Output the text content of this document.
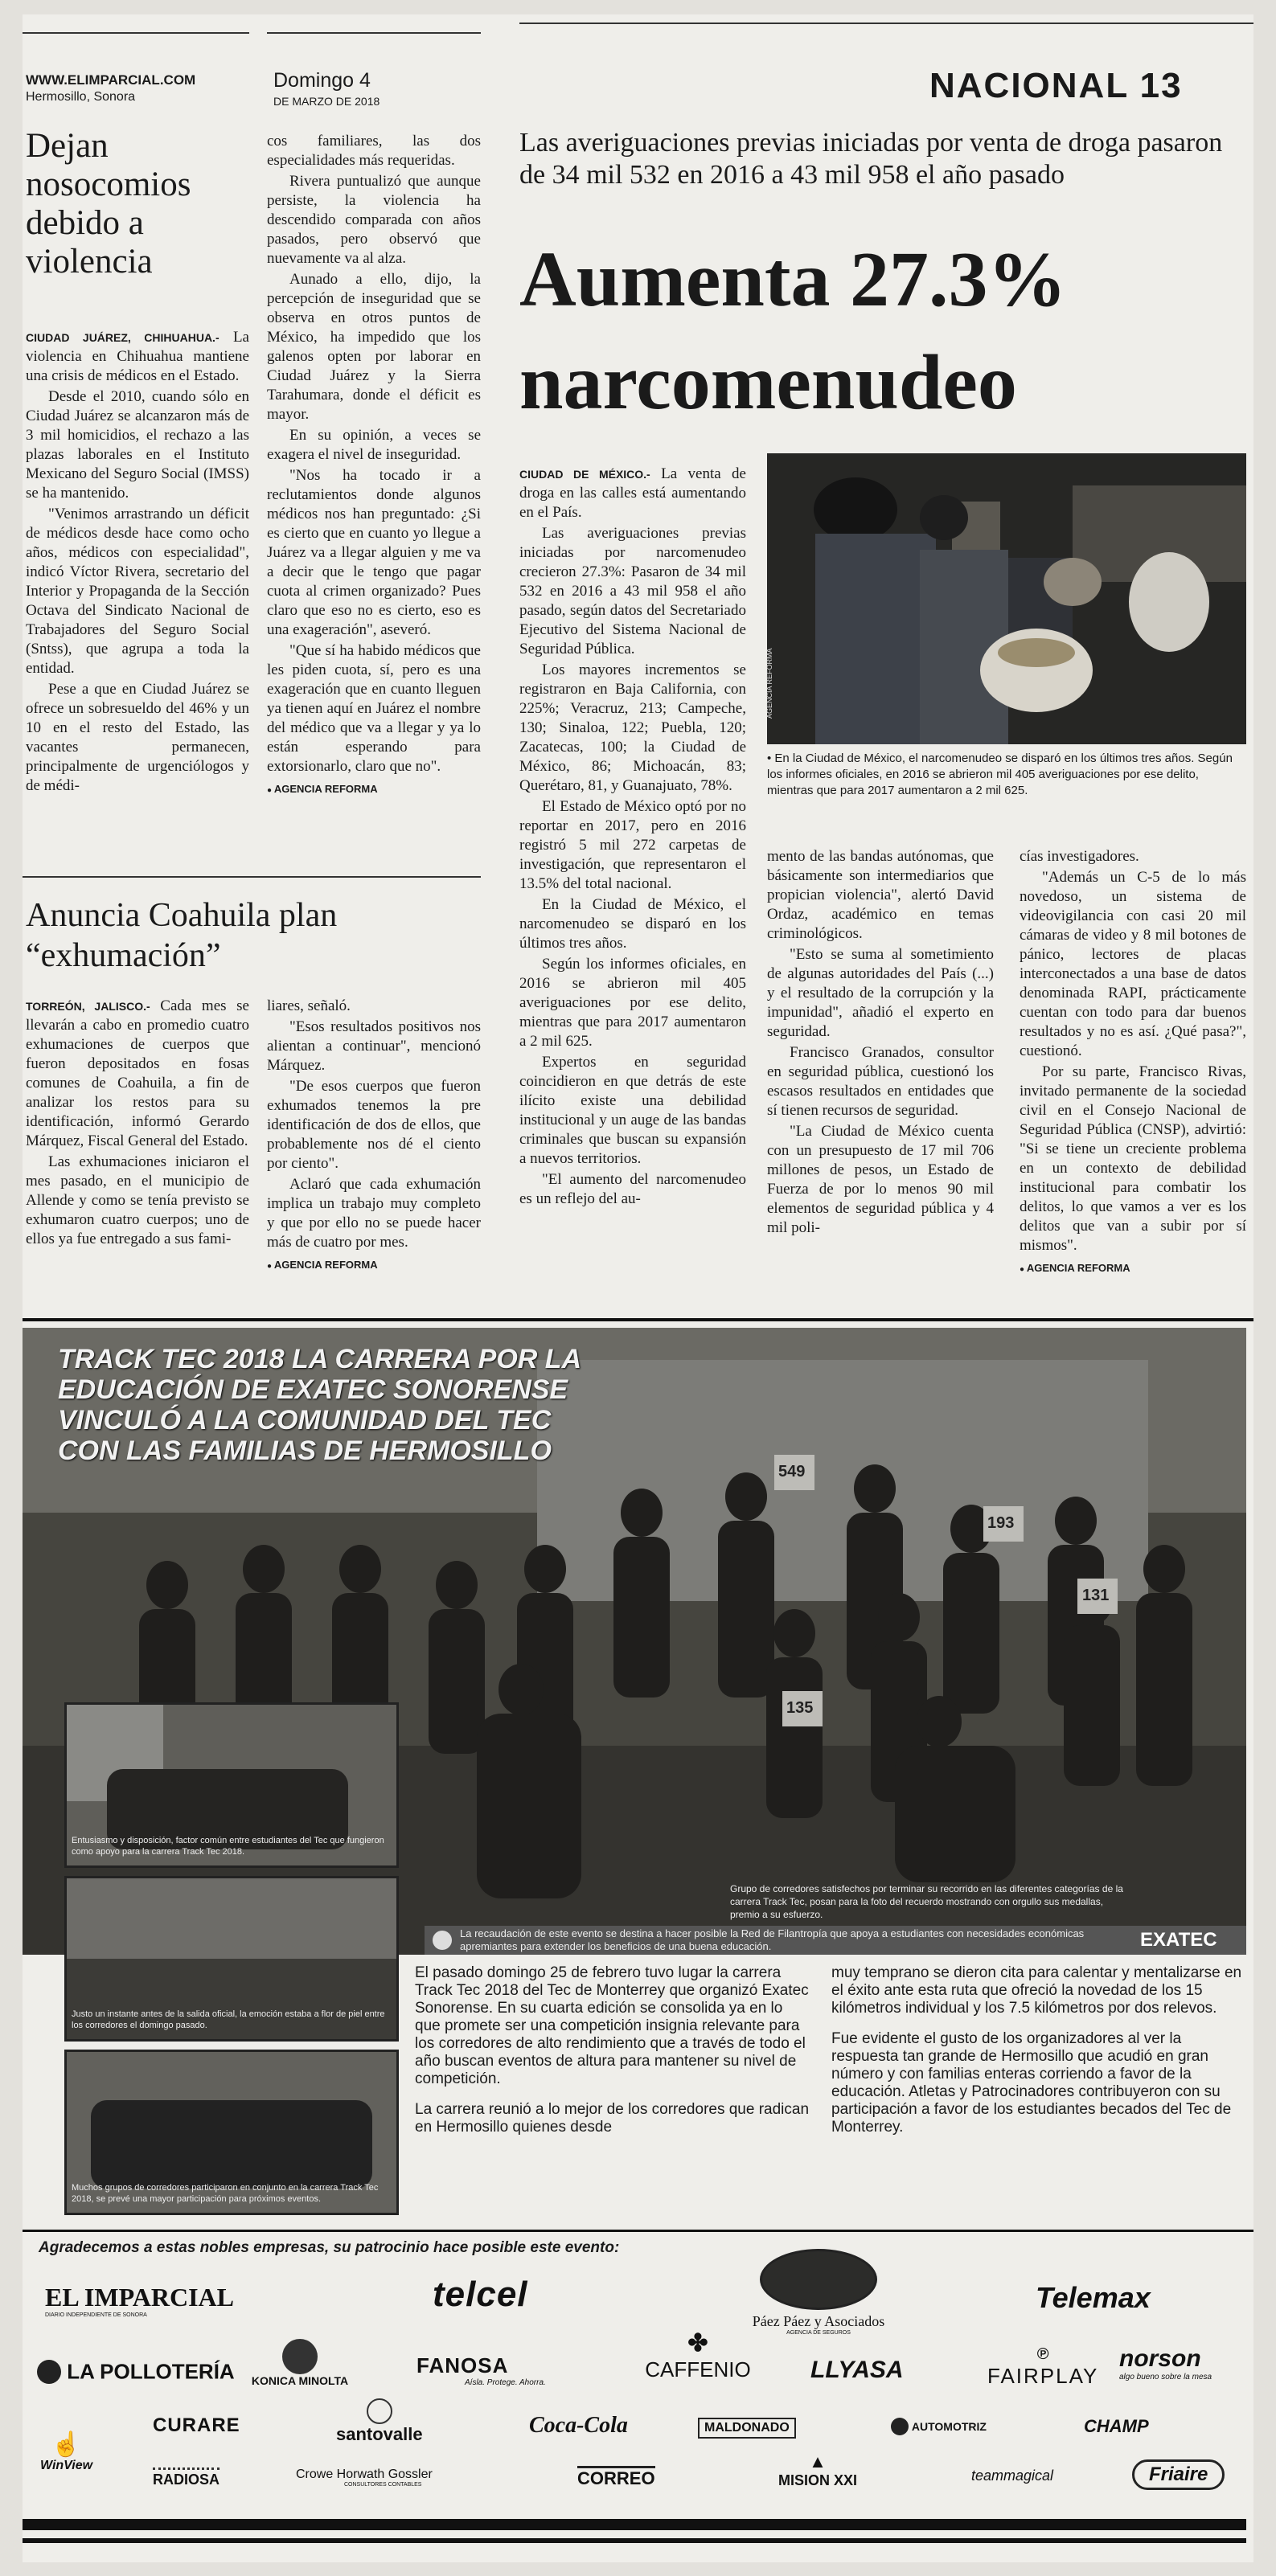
WWW.ELIMPARCIAL.COM
Hermosillo, Sonora
Domingo 4
DE MARZO DE 2018	NACIONAL 13
Dejan nosocomios debido a violencia

CIUDAD JUÁREZ, CHIHUAHUA.- La violencia en Chihuahua mantiene una crisis de médicos en el Estado.

Desde el 2010, cuando sólo en Ciudad Juárez se alcanzaron más de 3 mil homicidios, el rechazo a las plazas laborales en el Instituto Mexicano del Seguro Social (IMSS) se ha mantenido.

"Venimos arrastrando un déficit de médicos desde hace como ocho años, médicos con especialidad", indicó Víctor Rivera, secretario del Interior y Propaganda de la Sección Octava del Sindicato Nacional de Trabajadores del Seguro Social (Sntss), que agrupa a toda la entidad.

Pese a que en Ciudad Juárez se ofrece un sobresueldo del 46% y un 10 en el resto del Estado, las vacantes permanecen, principalmente de urgenciólogos y de médi-

cos familiares, las dos especialidades más requeridas.

Rivera puntualizó que aunque persiste, la violencia ha descendido comparada con años pasados, pero observó que nuevamente va al alza.

Aunado a ello, dijo, la percepción de inseguridad que se observa en otros puntos de México, ha impedido que los galenos opten por laborar en Ciudad Juárez y la Sierra Tarahumara, donde el déficit es mayor.

En su opinión, a veces se exagera el nivel de inseguridad.

"Nos ha tocado ir a reclutamientos donde algunos médicos nos han preguntado: ¿Si es cierto que en cuanto yo llegue a Juárez va a llegar alguien y me va a decir que le tengo que pagar cuota al crimen organizado? Pues claro que eso no es cierto, eso es una exageración", aseveró.

"Que sí ha habido médicos que les piden cuota, sí, pero es una exageración que en cuanto lleguen ya tienen aquí en Juárez el nombre del médico que va a llegar y ya lo están esperando para extorsionarlo, claro que no".

● AGENCIA REFORMA
Anuncia Coahuila plan “exhumación”

TORREÓN, JALISCO.- Cada mes se llevarán a cabo en promedio cuatro exhumaciones de cuerpos que fueron depositados en fosas comunes de Coahuila, a fin de analizar los restos para su identificación, informó Gerardo Márquez, Fiscal General del Estado.

Las exhumaciones iniciaron el mes pasado, en el municipio de Allende y como se tenía previsto se exhumaron cuatro cuerpos; uno de ellos ya fue entregado a sus fami-

liares, señaló.

"Esos resultados positivos nos alientan a continuar", mencionó Márquez.

"De esos cuerpos que fueron exhumados tenemos la pre identificación de dos de ellos, que probablemente nos dé el ciento por ciento".

Aclaró que cada exhumación implica un trabajo muy completo y que por ello no se puede hacer más de cuatro por mes.

● AGENCIA REFORMA
Las averiguaciones previas iniciadas por venta de droga pasaron de 34 mil 532 en 2016 a 43 mil 958 el año pasado
Aumenta 27.3%
narcomenudeo

CIUDAD DE MÉXICO.- La venta de droga en las calles está aumentando en el País.

Las averiguaciones previas iniciadas por narcomenudeo crecieron 27.3%: Pasaron de 34 mil 532 en 2016 a 43 mil 958 el año pasado, según datos del Secretariado Ejecutivo del Sistema Nacional de Seguridad Pública.

Los mayores incrementos se registraron en Baja California, con 225%; Veracruz, 213; Campeche, 130; Sinaloa, 122; Puebla, 120; Zacatecas, 100; la Ciudad de México, 86; Michoacán, 83; Querétaro, 81, y Guanajuato, 78%.

El Estado de México optó por no reportar en 2017, pero en 2016 registró 5 mil 272 carpetas de investigación, que representaron el 13.5% del total nacional.

En la Ciudad de México, el narcomenudeo se disparó en los últimos tres años.

Según los informes oficiales, en 2016 se abrieron mil 405 averiguaciones por ese delito, mientras que para 2017 aumentaron a 2 mil 625.

Expertos en seguridad coincidieron en que detrás de este ilícito existe una debilidad institucional y un auge de las bandas criminales que buscan su expansión a nuevos territorios.

"El aumento del narcomenudeo es un reflejo del au-

AGENCIA REFORMA
• En la Ciudad de México, el narcomenudeo se disparó en los últimos tres años. Según los informes oficiales, en 2016 se abrieron mil 405 averiguaciones por ese delito, mientras que para 2017 aumentaron a 2 mil 625.

mento de las bandas autónomas, que básicamente son intermediarios que propician violencia", alertó David Ordaz, académico en temas criminológicos.

"Esto se suma al sometimiento de algunas autoridades del País (...) y el resultado de la corrupción y la impunidad", añadió el experto en seguridad.

Francisco Granados, consultor en seguridad pública, cuestionó los escasos resultados en entidades que sí tienen recursos de seguridad.

"La Ciudad de México cuenta con un presupuesto de 17 mil 706 millones de pesos, un Estado de Fuerza de por lo menos 90 mil elementos de seguridad pública y 4 mil poli-

cías investigadores.

"Además un C-5 de lo más novedoso, un sistema de videovigilancia con casi 20 mil cámaras de video y 8 mil botones de pánico, lectores de placas interconectados a una base de datos denominada RAPI, prácticamente cuentan con todo para dar buenos resultados y no es así. ¿Qué pasa?", cuestionó.

Por su parte, Francisco Rivas, invitado permanente de la sociedad civil en el Consejo Nacional de Seguridad Pública (CNSP), advirtió: "Si se tiene un creciente problema en un contexto de debilidad institucional para combatir los delitos, lo que vamos a ver es los delitos que van a subir por sí mismos".

● AGENCIA REFORMA
549
193
131
135
TRACK TEC 2018 LA CARRERA POR LA EDUCACIÓN DE EXATEC SONORENSE VINCULÓ A LA COMUNIDAD DEL TEC CON LAS FAMILIAS DE HERMOSILLO
Grupo de corredores satisfechos por terminar su recorrido en las diferentes categorías de la carrera Track Tec, posan para la foto del recuerdo mostrando con orgullo sus medallas, premio a su esfuerzo.
La recaudación de este evento se destina a hacer posible la Red de Filantropía que apoya a estudiantes con necesidades económicas apremiantes para extender los beneficios de una buena educación.	EXATEC
Entusiasmo y disposición, factor común entre estudiantes del Tec que fungieron como apoyo para la carrera Track Tec 2018.
Justo un instante antes de la salida oficial, la emoción estaba a flor de piel entre los corredores el domingo pasado.
Muchos grupos de corredores participaron en conjunto en la carrera Track Tec 2018, se prevé una mayor participación para próximos eventos.

El pasado domingo 25 de febrero tuvo lugar la carrera Track Tec 2018 del Tec de Monterrey que organizó Exatec Sonorense. En su cuarta edición se consolida ya en lo que promete ser una competición insignia relevante para los corredores de alto rendimiento que a través de todo el año buscan eventos de altura para mantener su nivel de competición.

La carrera reunió a lo mejor de los corredores que radican en Hermosillo quienes desde

muy temprano se dieron cita para calentar y mentalizarse en el éxito ante esta ruta que ofreció la novedad de los 15 kilómetros individual y los 7.5 kilómetros por dos relevos.

Fue evidente el gusto de los organizadores al ver la respuesta tan grande de Hermosillo que acudió en gran número y con familias enteras corriendo a favor de la educación. Atletas y Patrocinadores contribuyeron con su participación a favor de los estudiantes becados del Tec de Monterrey.

Agradecemos a estas nobles empresas, su patrocinio hace posible este evento:
EL IMPARCIAL
DIARIO INDEPENDIENTE DE SONORA
telcel
Páez Páez y Asociados
AGENCIA DE SEGUROS
Telemax
LA POLLOTERÍA	KONICA MINOLTA
FANOSA
Aísla. Protege. Ahorra.
✤
CAFFENIO	LLYASA
℗
FAIRPLAY
norson
algo bueno sobre la mesa
CURARE	santovalle	Coca-Cola	MALDONADO	AUTOMOTRIZ	CHAMP
☝
WinView
RADIOSA	Crowe Horwath Gossler
CONSULTORES CONTABLES	CORREO
▲
MISION XXI	teammagical	Friaire
